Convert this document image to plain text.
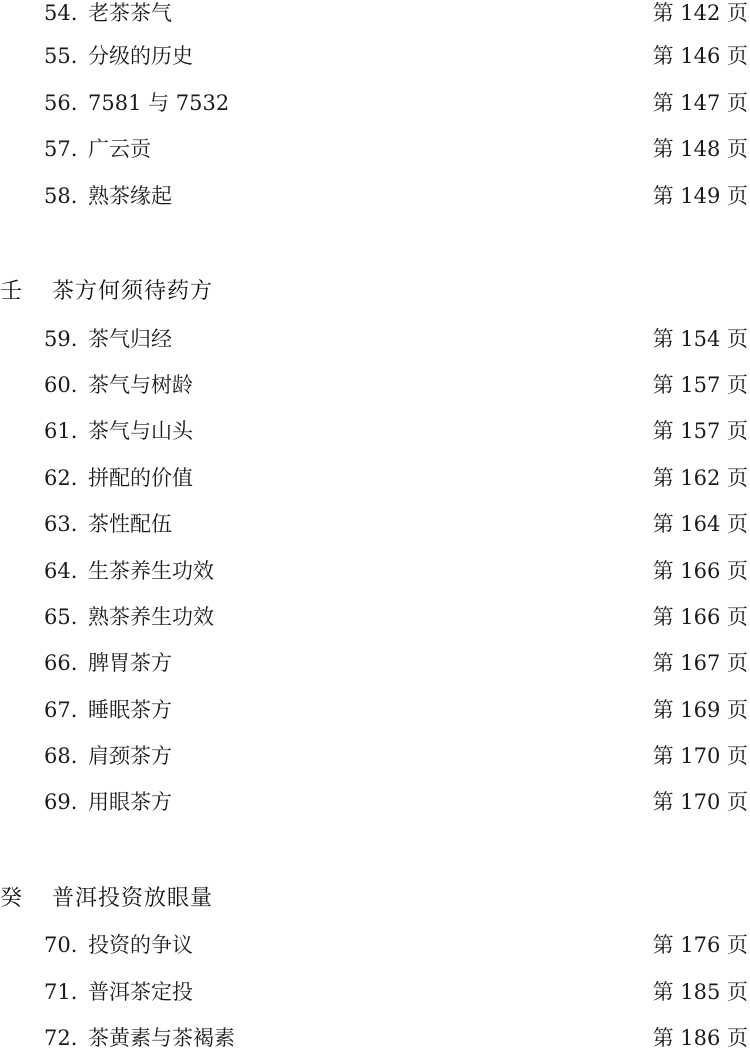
54. 老茶茶气	第 142 页
55. 分级的历史	第 146 页
56. 7581 与 7532	第 147 页
57. 广云贡	第 148 页
58. 熟茶缘起	第 149 页
壬 茶方何须待药方
59. 茶气归经	第 154 页
60. 茶气与树龄	第 157 页
61. 茶气与山头	第 157 页
62. 拼配的价值	第 162 页
63. 茶性配伍	第 164 页
64. 生茶养生功效	第 166 页
65. 熟茶养生功效	第 166 页
66. 脾胃茶方	第 167 页
67. 睡眠茶方	第 169 页
68. 肩颈茶方	第 170 页
69. 用眼茶方	第 170 页
癸 普洱投资放眼量
70. 投资的争议	第 176 页
71. 普洱茶定投	第 185 页
72. 茶黄素与茶褐素	第 186 页
